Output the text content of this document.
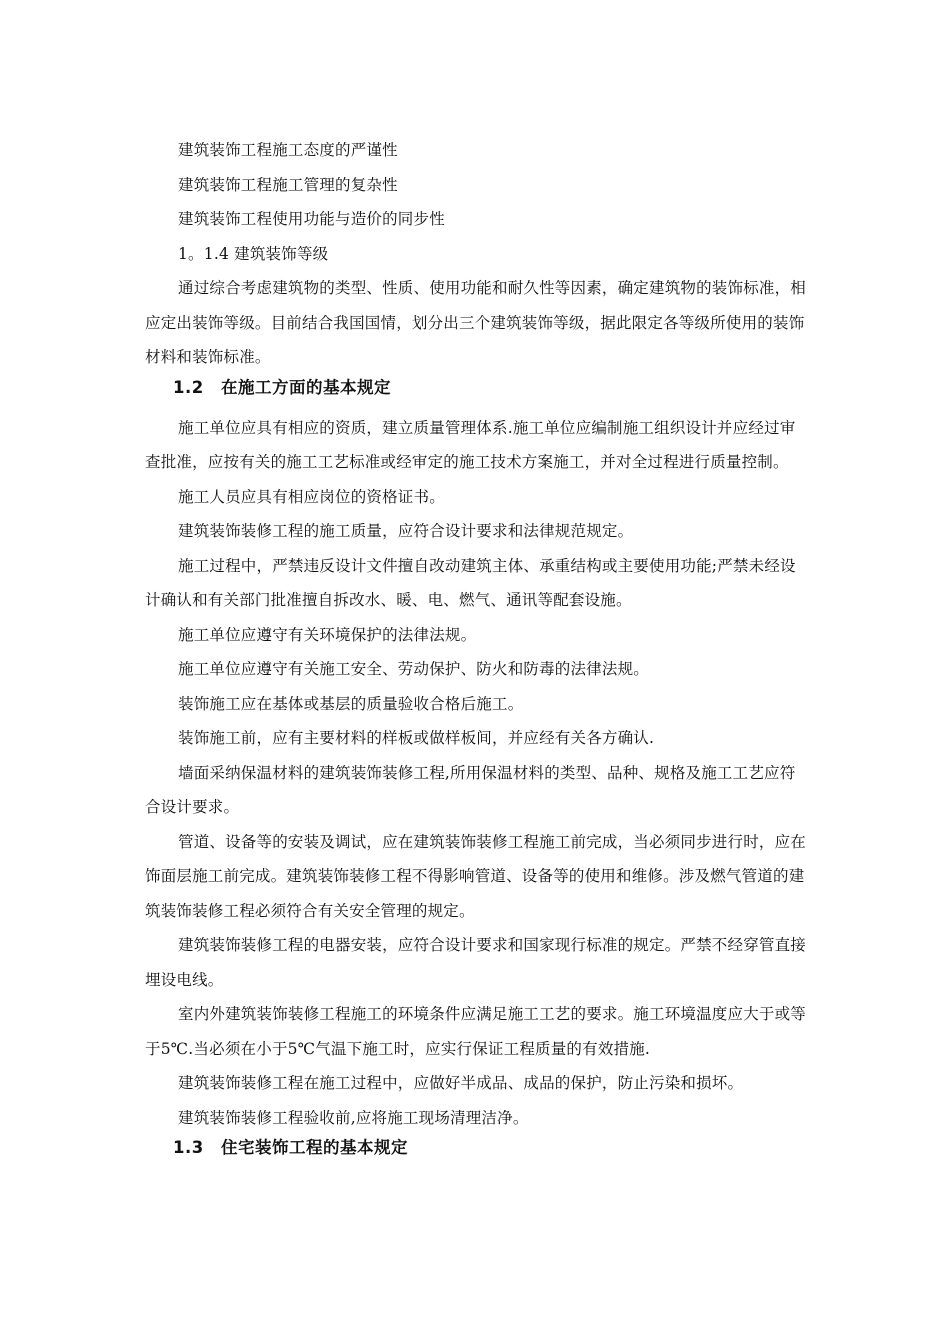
建筑装饰工程施工态度的严谨性

建筑装饰工程施工管理的复杂性

建筑装饰工程使用功能与造价的同步性

1。1.4 建筑装饰等级

通过综合考虑建筑物的类型、性质、使用功能和耐久性等因素，确定建筑物的装饰标准，相应定出装饰等级。目前结合我国国情，划分出三个建筑装饰等级，据此限定各等级所使用的装饰材料和装饰标准。

1.2 在施工方面的基本规定

施工单位应具有相应的资质，建立质量管理体系.施工单位应编制施工组织设计并应经过审查批准，应按有关的施工工艺标准或经审定的施工技术方案施工，并对全过程进行质量控制。

施工人员应具有相应岗位的资格证书。

建筑装饰装修工程的施工质量，应符合设计要求和法律规范规定。

施工过程中，严禁违反设计文件擅自改动建筑主体、承重结构或主要使用功能;严禁未经设计确认和有关部门批准擅自拆改水、暖、电、燃气、通讯等配套设施。

施工单位应遵守有关环境保护的法律法规。

施工单位应遵守有关施工安全、劳动保护、防火和防毒的法律法规。

装饰施工应在基体或基层的质量验收合格后施工。

装饰施工前，应有主要材料的样板或做样板间，并应经有关各方确认.

墙面采纳保温材料的建筑装饰装修工程,所用保温材料的类型、品种、规格及施工工艺应符合设计要求。

管道、设备等的安装及调试，应在建筑装饰装修工程施工前完成，当必须同步进行时，应在饰面层施工前完成。建筑装饰装修工程不得影响管道、设备等的使用和维修。涉及燃气管道的建筑装饰装修工程必须符合有关安全管理的规定。

建筑装饰装修工程的电器安装，应符合设计要求和国家现行标准的规定。严禁不经穿管直接埋设电线。

室内外建筑装饰装修工程施工的环境条件应满足施工工艺的要求。施工环境温度应大于或等于5℃.当必须在小于5℃气温下施工时，应实行保证工程质量的有效措施.

建筑装饰装修工程在施工过程中，应做好半成品、成品的保护，防止污染和损坏。

建筑装饰装修工程验收前,应将施工现场清理洁净。

1.3 住宅装饰工程的基本规定
